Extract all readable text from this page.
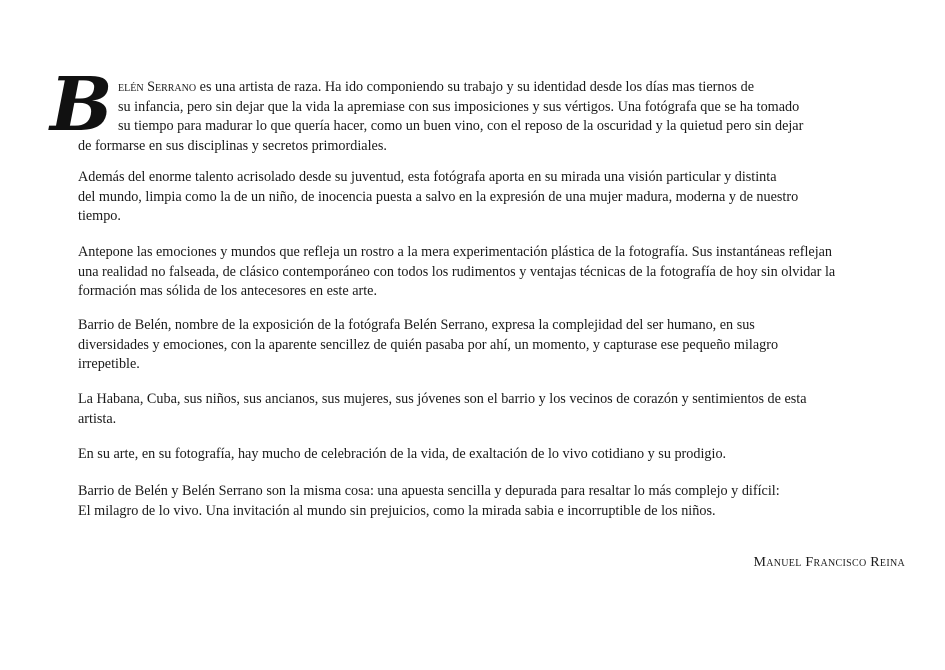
B elén Serrano es una artista de raza. Ha ido componiendo su trabajo y su identidad desde los días mas tiernos de
su infancia, pero sin dejar que la vida la apremiase con sus imposiciones y sus vértigos. Una fotógrafa que se ha tomado
su tiempo para madurar lo que quería hacer, como un buen vino, con el reposo de la oscuridad y la quietud pero sin dejar
de formarse en sus disciplinas y secretos primordiales.

Además del enorme talento acrisolado desde su juventud, esta fotógrafa aporta en su mirada una visión particular y distinta
del mundo, limpia como la de un niño, de inocencia puesta a salvo en la expresión de una mujer madura, moderna y de nuestro
tiempo.

Antepone las emociones y mundos que refleja un rostro a la mera experimentación plástica de la fotografía. Sus instantáneas reflejan
una realidad no falseada, de clásico contemporáneo con todos los rudimentos y ventajas técnicas de la fotografía de hoy sin olvidar la
formación mas sólida de los antecesores en este arte.

Barrio de Belén, nombre de la exposición de la fotógrafa Belén Serrano, expresa la complejidad del ser humano, en sus
diversidades y emociones, con la aparente sencillez de quién pasaba por ahí, un momento, y capturase ese pequeño milagro
irrepetible.

La Habana, Cuba, sus niños, sus ancianos, sus mujeres, sus jóvenes son el barrio y los vecinos de corazón y sentimientos de esta
artista.

En su arte, en su fotografía, hay mucho de celebración de la vida, de exaltación de lo vivo cotidiano y su prodigio.

Barrio de Belén y Belén Serrano son la misma cosa: una apuesta sencilla y depurada para resaltar lo más complejo y difícil:
El milagro de lo vivo. Una invitación al mundo sin prejuicios, como la mirada sabia e incorruptible de los niños.

Manuel Francisco Reina
